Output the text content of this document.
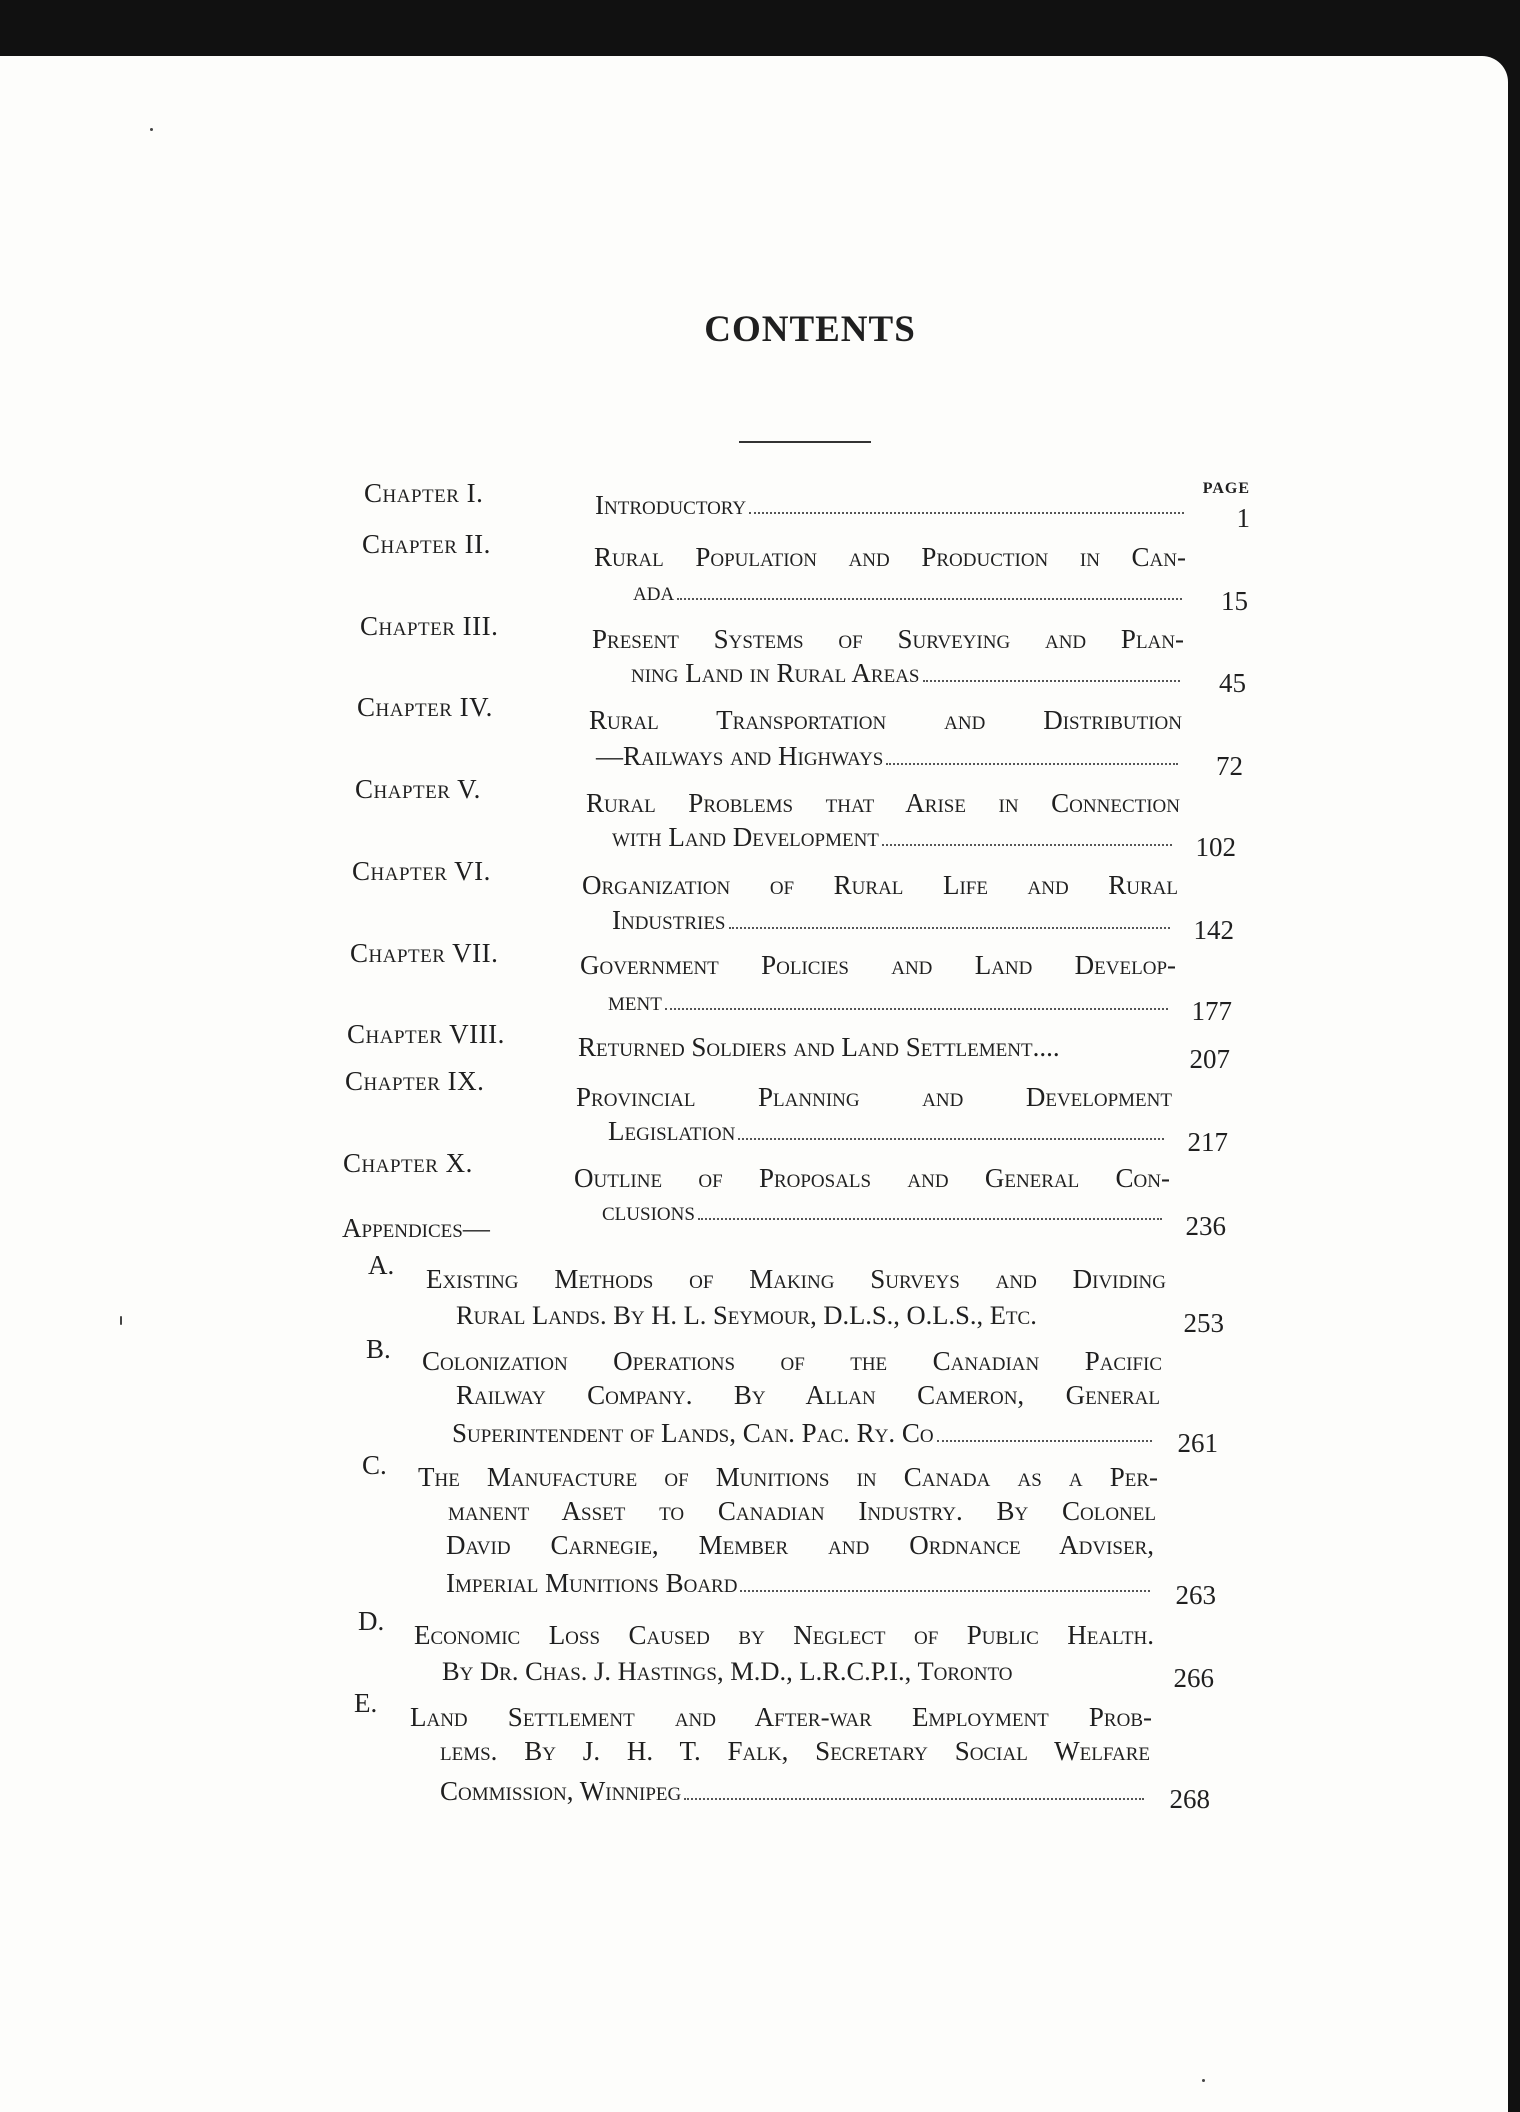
CONTENTS
PAGE
Chapter I.	Introductory	1
Chapter II.	Rural Population and Production in Can-
ada	15
Chapter III.	Present Systems of Surveying and Plan-
ning Land in Rural Areas	45
Chapter IV.	Rural Transportation and Distribution
—Railways and Highways	72
Chapter V.	Rural Problems that Arise in Connection
with Land Development	102
Chapter VI.	Organization of Rural Life and Rural
Industries	142
Chapter VII.	Government Policies and Land Develop-
ment	177
Chapter VIII.	Returned Soldiers and Land Settlement....	207
Chapter IX.
Provincial Planning and Development
Legislation	217
Chapter X.	Outline of Proposals and General Con-
clusions	236
Appendices—
A. Existing Methods of Making Surveys and Dividing
Rural Lands. By H. L. Seymour, D.L.S., O.L.S., Etc.	253
B. Colonization Operations of the Canadian Pacific
Railway Company. By Allan Cameron, General
Superintendent of Lands, Can. Pac. Ry. Co	261
C. The Manufacture of Munitions in Canada as a Per-
manent Asset to Canadian Industry. By Colonel
David Carnegie, Member and Ordnance Adviser,
Imperial Munitions Board	263
D. Economic Loss Caused by Neglect of Public Health.
By Dr. Chas. J. Hastings, M.D., L.R.C.P.I., Toronto	266
E. Land Settlement and After-war Employment Prob-
lems. By J. H. T. Falk, Secretary Social Welfare
Commission, Winnipeg	268
